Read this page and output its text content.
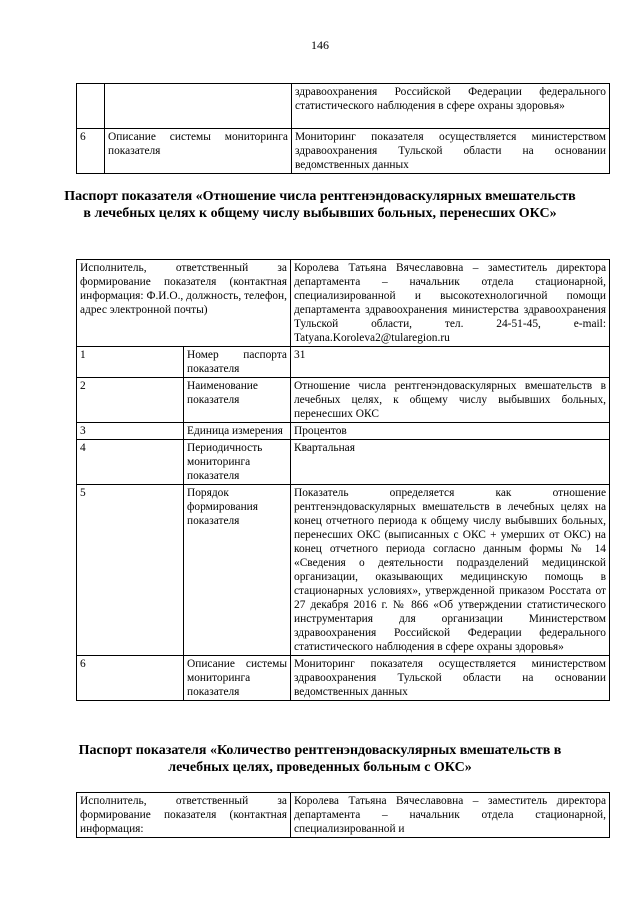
146
		здравоохранения Российской Федерации федерального статистического наблюдения в сфере охраны здоровья»
6	Описание системы мониторинга показателя	Мониторинг показателя осуществляется министерством здравоохранения Тульской области на основании ведомственных данных
Паспорт показателя «Отношение числа рентгенэндоваскулярных вмешательств в лечебных целях к общему числу выбывших больных, перенесших ОКС»
Исполнитель, ответственный за формирование показателя (контактная информация: Ф.И.О., должность, телефон, адрес электронной почты)		Королева Татьяна Вячеславовна – заместитель директора департамента – начальник отдела стационарной, специализированной и высокотехнологичной помощи департамента здравоохранения министерства здравоохранения Тульской области, тел. 24-51-45, e-mail: Tatyana.Koroleva2@tularegion.ru
1	Номер паспорта показателя	31
2	Наименование показателя	Отношение числа рентгенэндоваскулярных вмешательств в лечебных целях, к общему числу выбывших больных, перенесших ОКС
3	Единица измерения	Процентов
4	Периодичность мониторинга показателя	Квартальная
5	Порядок формирования показателя	Показатель определяется как отношение рентгенэндоваскулярных вмешательств в лечебных целях на конец отчетного периода к общему числу выбывших больных, перенесших ОКС (выписанных с ОКС + умерших от ОКС) на конец отчетного периода согласно данным формы № 14 «Сведения о деятельности подразделений медицинской организации, оказывающих медицинскую помощь в стационарных условиях», утвержденной приказом Росстата от 27 декабря 2016 г. № 866 «Об утверждении статистического инструментария для организации Министерством здравоохранения Российской Федерации федерального статистического наблюдения в сфере охраны здоровья»
6	Описание системы мониторинга показателя	Мониторинг показателя осуществляется министерством здравоохранения Тульской области на основании ведомственных данных
Паспорт показателя «Количество рентгенэндоваскулярных вмешательств в лечебных целях, проведенных больным с ОКС»
Исполнитель, ответственный за формирование показателя (контактная информация:	Королева Татьяна Вячеславовна – заместитель директора департамента – начальник отдела стационарной, специализированной и
